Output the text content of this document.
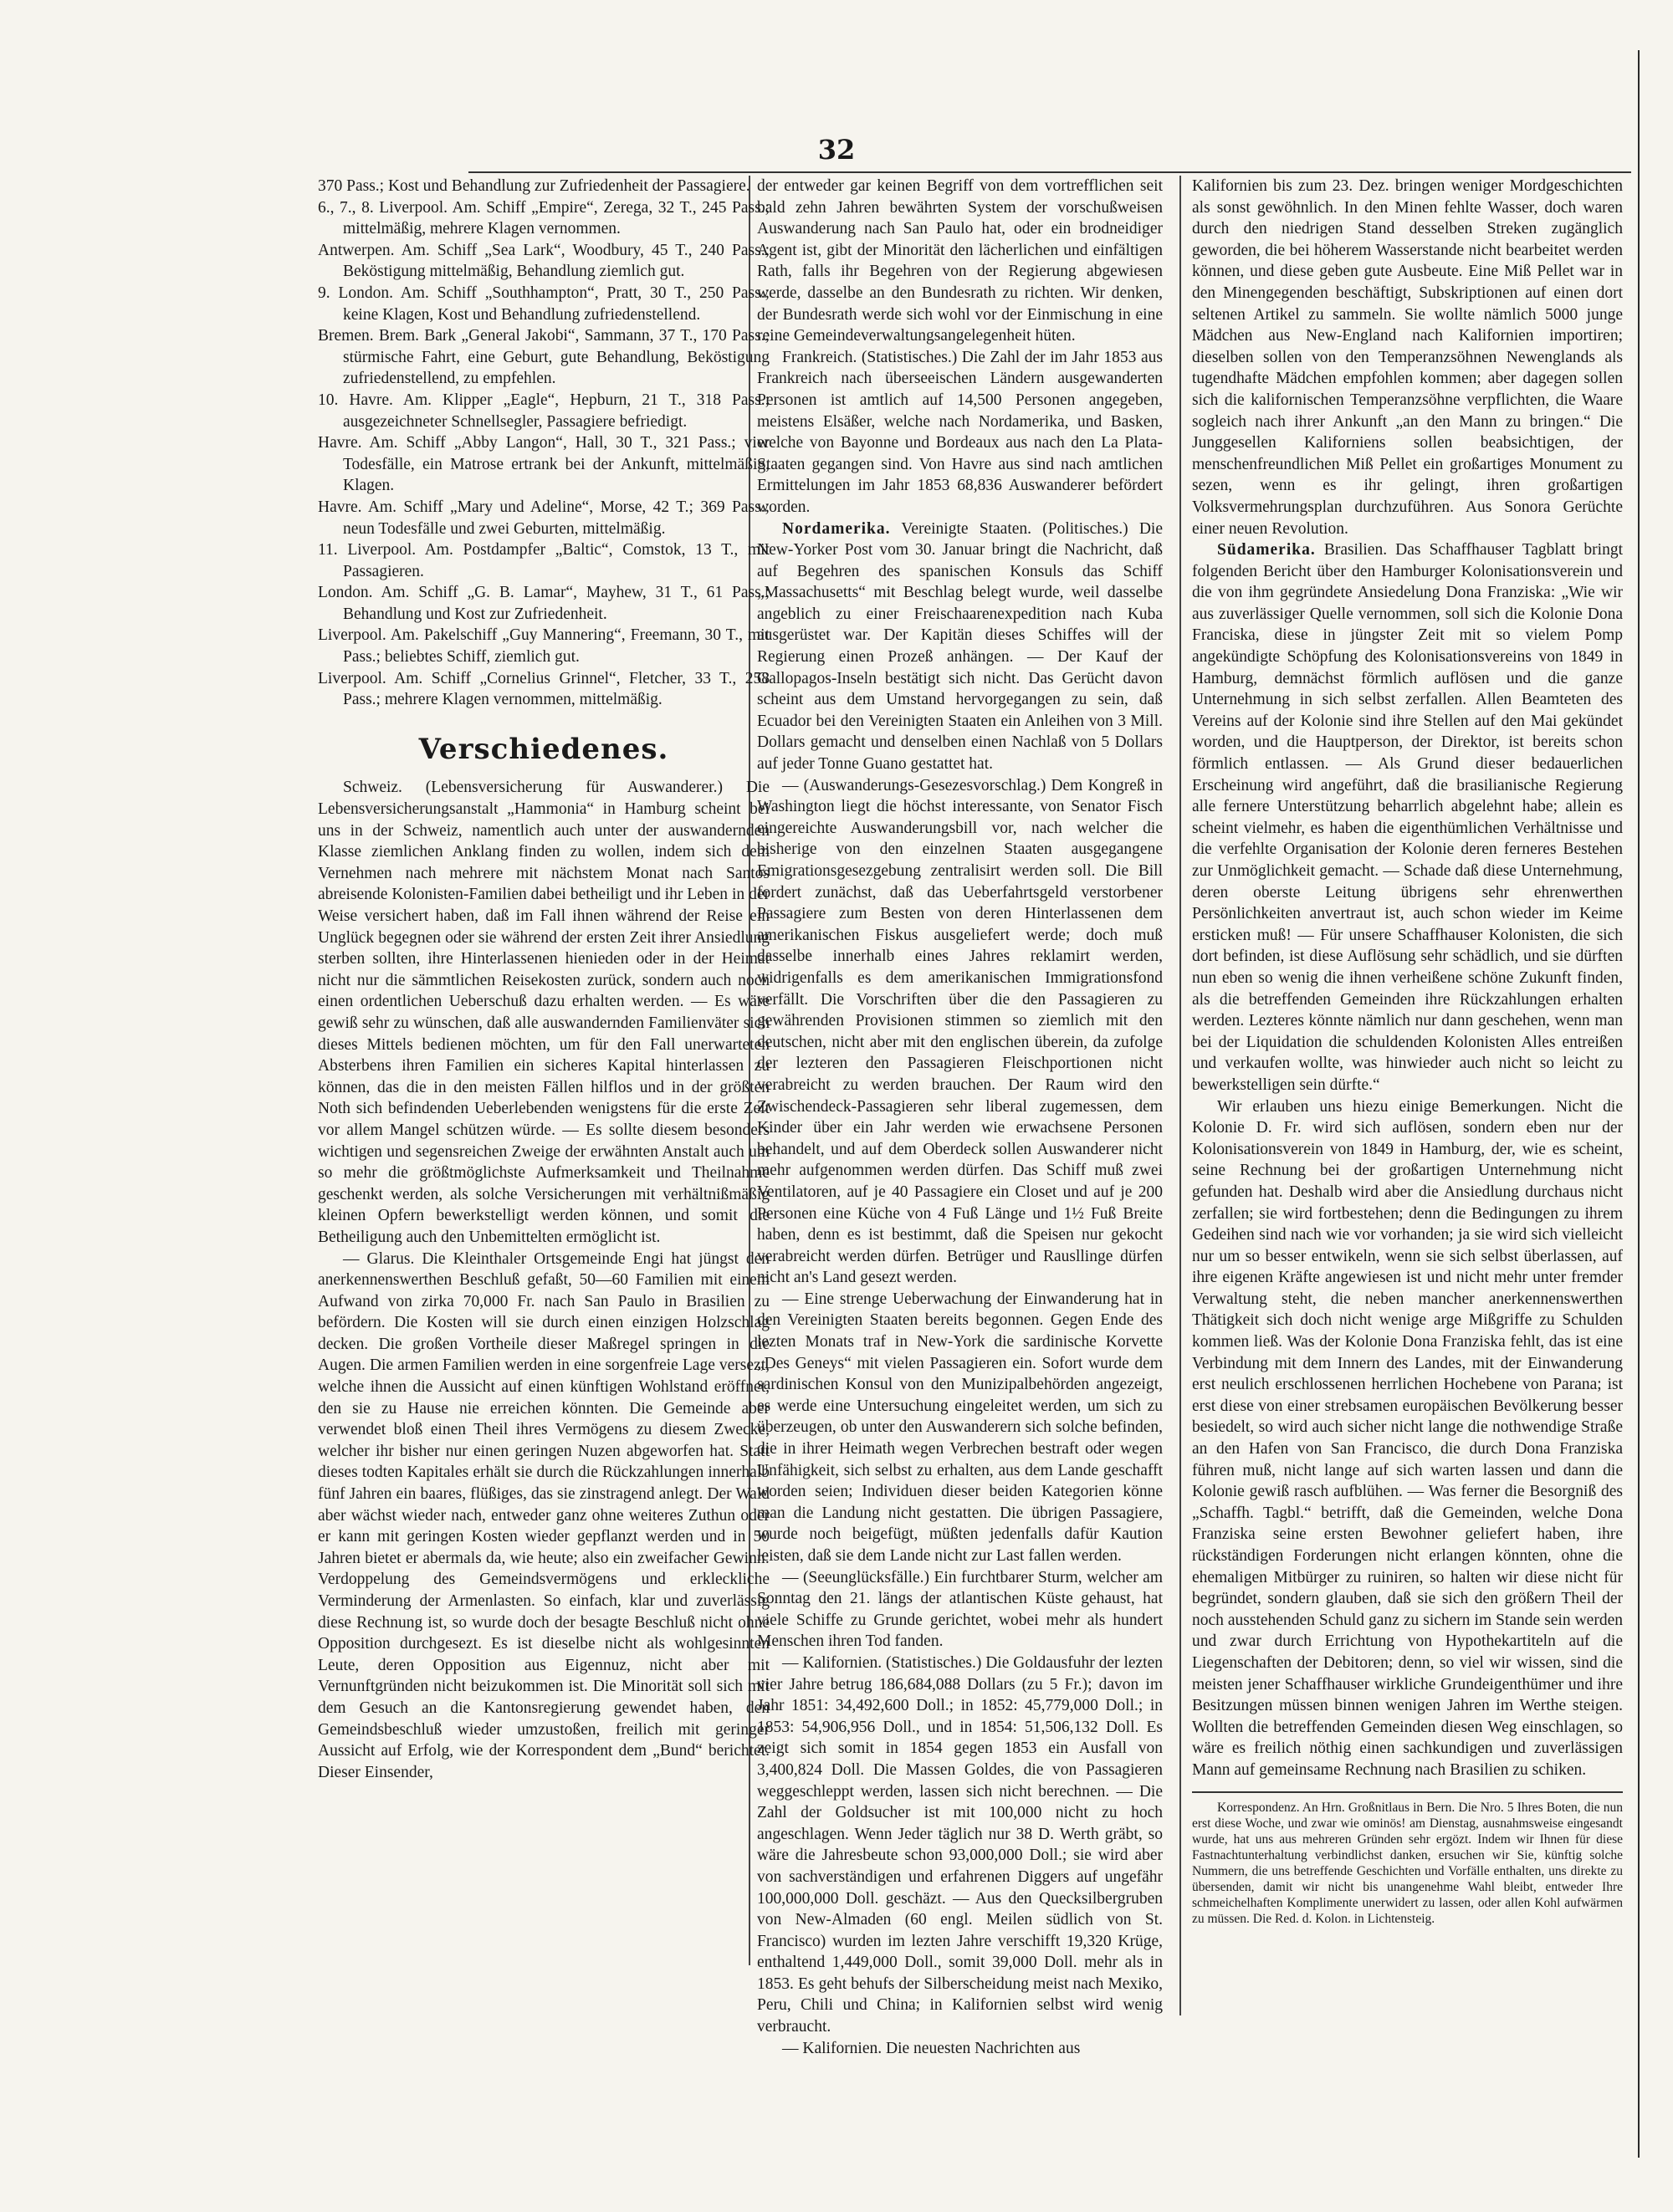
32

370 Pass.; Kost und Behandlung zur Zufriedenheit der Passagiere.

6., 7., 8. Liverpool. Am. Schiff „Empire“, Zerega, 32 T., 245 Pass.; mittelmäßig, mehrere Klagen vernommen.

Antwerpen. Am. Schiff „Sea Lark“, Woodbury, 45 T., 240 Pass.; Beköstigung mittelmäßig, Behandlung ziemlich gut.

9. London. Am. Schiff „Southhampton“, Pratt, 30 T., 250 Pass.; keine Klagen, Kost und Behandlung zufriedenstellend.

Bremen. Brem. Bark „General Jakobi“, Sammann, 37 T., 170 Pass.; stürmische Fahrt, eine Geburt, gute Behandlung, Beköstigung zufriedenstellend, zu empfehlen.

10. Havre. Am. Klipper „Eagle“, Hepburn, 21 T., 318 Pass.; ausgezeichneter Schnellsegler, Passagiere befriedigt.

Havre. Am. Schiff „Abby Langon“, Hall, 30 T., 321 Pass.; vier Todesfälle, ein Matrose ertrank bei der Ankunft, mittelmäßig, Klagen.

Havre. Am. Schiff „Mary und Adeline“, Morse, 42 T.; 369 Pass.; neun Todesfälle und zwei Geburten, mittelmäßig.

11. Liverpool. Am. Postdampfer „Baltic“, Comstok, 13 T., mit Passagieren.

London. Am. Schiff „G. B. Lamar“, Mayhew, 31 T., 61 Pass.; Behandlung und Kost zur Zufriedenheit.

Liverpool. Am. Pakelschiff „Guy Mannering“, Freemann, 30 T., mit Pass.; beliebtes Schiff, ziemlich gut.

Liverpool. Am. Schiff „Cornelius Grinnel“, Fletcher, 33 T., 258 Pass.; mehrere Klagen vernommen, mittelmäßig.

Verschiedenes.

Schweiz. (Lebensversicherung für Auswanderer.) Die Lebensversicherungsanstalt „Hammonia“ in Hamburg scheint bei uns in der Schweiz, namentlich auch unter der auswandernden Klasse ziemlichen Anklang finden zu wollen, indem sich dem Vernehmen nach mehrere mit nächstem Monat nach Santos abreisende Kolonisten-Familien dabei betheiligt und ihr Leben in der Weise versichert haben, daß im Fall ihnen während der Reise ein Unglück begegnen oder sie während der ersten Zeit ihrer Ansiedlung sterben sollten, ihre Hinterlassenen hienieden oder in der Heimat nicht nur die sämmtlichen Reisekosten zurück, sondern auch noch einen ordentlichen Ueberschuß dazu erhalten werden. — Es wäre gewiß sehr zu wünschen, daß alle auswandernden Familienväter sich dieses Mittels bedienen möchten, um für den Fall unerwarteten Absterbens ihren Familien ein sicheres Kapital hinterlassen zu können, das die in den meisten Fällen hilflos und in der größten Noth sich befindenden Ueberlebenden wenigstens für die erste Zeit vor allem Mangel schützen würde. — Es sollte diesem besonders wichtigen und segensreichen Zweige der erwähnten Anstalt auch um so mehr die größtmöglichste Aufmerksamkeit und Theilnahme geschenkt werden, als solche Versicherungen mit verhältnißmäßig kleinen Opfern bewerkstelligt werden können, und somit die Betheiligung auch den Unbemittelten ermöglicht ist.

— Glarus. Die Kleinthaler Ortsgemeinde Engi hat jüngst den anerkennenswerthen Beschluß gefaßt, 50—60 Familien mit einem Aufwand von zirka 70,000 Fr. nach San Paulo in Brasilien zu befördern. Die Kosten will sie durch einen einzigen Holzschlag decken. Die großen Vortheile dieser Maßregel springen in die Augen. Die armen Familien werden in eine sorgenfreie Lage versezt, welche ihnen die Aussicht auf einen künftigen Wohlstand eröffnet, den sie zu Hause nie erreichen könnten. Die Gemeinde aber verwendet bloß einen Theil ihres Vermögens zu diesem Zwecke, welcher ihr bisher nur einen geringen Nuzen abgeworfen hat. Statt dieses todten Kapitales erhält sie durch die Rückzahlungen innerhalb fünf Jahren ein baares, flüßiges, das sie zinstragend anlegt. Der Wald aber wächst wieder nach, entweder ganz ohne weiteres Zuthun oder er kann mit geringen Kosten wieder gepflanzt werden und in 50 Jahren bietet er abermals da, wie heute; also ein zweifacher Gewinn: Verdoppelung des Gemeindsvermögens und erkleckliche Verminderung der Armenlasten. So einfach, klar und zuverlässig diese Rechnung ist, so wurde doch der besagte Beschluß nicht ohne Opposition durchgesezt. Es ist dieselbe nicht als wohlgesinnten Leute, deren Opposition aus Eigennuz, nicht aber mit Vernunftgründen nicht beizukommen ist. Die Minorität soll sich mit dem Gesuch an die Kantonsregierung gewendet haben, den Gemeindsbeschluß wieder umzustoßen, freilich mit geringer Aussicht auf Erfolg, wie der Korrespondent dem „Bund“ berichtet. Dieser Einsender,

der entweder gar keinen Begriff von dem vortrefflichen seit bald zehn Jahren bewährten System der vorschußweisen Auswanderung nach San Paulo hat, oder ein brodneidiger Agent ist, gibt der Minorität den lächerlichen und einfältigen Rath, falls ihr Begehren von der Regierung abgewiesen werde, dasselbe an den Bundesrath zu richten. Wir denken, der Bundesrath werde sich wohl vor der Einmischung in eine reine Gemeindeverwaltungsangelegenheit hüten.

Frankreich. (Statistisches.) Die Zahl der im Jahr 1853 aus Frankreich nach überseeischen Ländern ausgewanderten Personen ist amtlich auf 14,500 Personen angegeben, meistens Elsäßer, welche nach Nordamerika, und Basken, welche von Bayonne und Bordeaux aus nach den La Plata-Staaten gegangen sind. Von Havre aus sind nach amtlichen Ermittelungen im Jahr 1853 68,836 Auswanderer befördert worden.

Nordamerika. Vereinigte Staaten. (Politisches.) Die New-Yorker Post vom 30. Januar bringt die Nachricht, daß auf Begehren des spanischen Konsuls das Schiff „Massachusetts“ mit Beschlag belegt wurde, weil dasselbe angeblich zu einer Freischaarenexpedition nach Kuba ausgerüstet war. Der Kapitän dieses Schiffes will der Regierung einen Prozeß anhängen. — Der Kauf der Gallopagos-Inseln bestätigt sich nicht. Das Gerücht davon scheint aus dem Umstand hervorgegangen zu sein, daß Ecuador bei den Vereinigten Staaten ein Anleihen von 3 Mill. Dollars gemacht und denselben einen Nachlaß von 5 Dollars auf jeder Tonne Guano gestattet hat.

— (Auswanderungs-Gesezesvorschlag.) Dem Kongreß in Washington liegt die höchst interessante, von Senator Fisch eingereichte Auswanderungsbill vor, nach welcher die bisherige von den einzelnen Staaten ausgegangene Emigrationsgesezgebung zentralisirt werden soll. Die Bill fordert zunächst, daß das Ueberfahrtsgeld verstorbener Passagiere zum Besten von deren Hinterlassenen dem amerikanischen Fiskus ausgeliefert werde; doch muß dasselbe innerhalb eines Jahres reklamirt werden, widrigenfalls es dem amerikanischen Immigrationsfond verfällt. Die Vorschriften über die den Passagieren zu gewährenden Provisionen stimmen so ziemlich mit den deutschen, nicht aber mit den englischen überein, da zufolge der lezteren den Passagieren Fleischportionen nicht verabreicht zu werden brauchen. Der Raum wird den Zwischendeck-Passagieren sehr liberal zugemessen, dem Kinder über ein Jahr werden wie erwachsene Personen behandelt, und auf dem Oberdeck sollen Auswanderer nicht mehr aufgenommen werden dürfen. Das Schiff muß zwei Ventilatoren, auf je 40 Passagiere ein Closet und auf je 200 Personen eine Küche von 4 Fuß Länge und 1½ Fuß Breite haben, denn es ist bestimmt, daß die Speisen nur gekocht verabreicht werden dürfen. Betrüger und Rausllinge dürfen nicht an's Land gesezt werden.

— Eine strenge Ueberwachung der Einwanderung hat in den Vereinigten Staaten bereits begonnen. Gegen Ende des lezten Monats traf in New-York die sardinische Korvette „Des Geneys“ mit vielen Passagieren ein. Sofort wurde dem sardinischen Konsul von den Munizipalbehörden angezeigt, es werde eine Untersuchung eingeleitet werden, um sich zu überzeugen, ob unter den Auswanderern sich solche befinden, die in ihrer Heimath wegen Verbrechen bestraft oder wegen Unfähigkeit, sich selbst zu erhalten, aus dem Lande geschafft worden seien; Individuen dieser beiden Kategorien könne man die Landung nicht gestatten. Die übrigen Passagiere, wurde noch beigefügt, müßten jedenfalls dafür Kaution leisten, daß sie dem Lande nicht zur Last fallen werden.

— (Seeunglücksfälle.) Ein furchtbarer Sturm, welcher am Sonntag den 21. längs der atlantischen Küste gehaust, hat viele Schiffe zu Grunde gerichtet, wobei mehr als hundert Menschen ihren Tod fanden.

— Kalifornien. (Statistisches.) Die Goldausfuhr der lezten vier Jahre betrug 186,684,088 Dollars (zu 5 Fr.); davon im Jahr 1851: 34,492,600 Doll.; in 1852: 45,779,000 Doll.; in 1853: 54,906,956 Doll., und in 1854: 51,506,132 Doll. Es zeigt sich somit in 1854 gegen 1853 ein Ausfall von 3,400,824 Doll. Die Massen Goldes, die von Passagieren weggeschleppt werden, lassen sich nicht berechnen. — Die Zahl der Goldsucher ist mit 100,000 nicht zu hoch angeschlagen. Wenn Jeder täglich nur 38 D. Werth gräbt, so wäre die Jahresbeute schon 93,000,000 Doll.; sie wird aber von sachverständigen und erfahrenen Diggers auf ungefähr 100,000,000 Doll. geschäzt. — Aus den Quecksilbergruben von New-Almaden (60 engl. Meilen südlich von St. Francisco) wurden im lezten Jahre verschifft 19,320 Krüge, enthaltend 1,449,000 Doll., somit 39,000 Doll. mehr als in 1853. Es geht behufs der Silberscheidung meist nach Mexiko, Peru, Chili und China; in Kalifornien selbst wird wenig verbraucht.

— Kalifornien. Die neuesten Nachrichten aus

Kalifornien bis zum 23. Dez. bringen weniger Mordgeschichten als sonst gewöhnlich. In den Minen fehlte Wasser, doch waren durch den niedrigen Stand desselben Streken zugänglich geworden, die bei höherem Wasserstande nicht bearbeitet werden können, und diese geben gute Ausbeute. Eine Miß Pellet war in den Minengegenden beschäftigt, Subskriptionen auf einen dort seltenen Artikel zu sammeln. Sie wollte nämlich 5000 junge Mädchen aus New-England nach Kalifornien importiren; dieselben sollen von den Temperanzsöhnen Newenglands als tugendhafte Mädchen empfohlen kommen; aber dagegen sollen sich die kalifornischen Temperanzsöhne verpflichten, die Waare sogleich nach ihrer Ankunft „an den Mann zu bringen.“ Die Junggesellen Kaliforniens sollen beabsichtigen, der menschenfreundlichen Miß Pellet ein großartiges Monument zu sezen, wenn es ihr gelingt, ihren großartigen Volksvermehrungsplan durchzuführen. Aus Sonora Gerüchte einer neuen Revolution.

Südamerika. Brasilien. Das Schaffhauser Tagblatt bringt folgenden Bericht über den Hamburger Kolonisationsverein und die von ihm gegründete Ansiedelung Dona Franziska: „Wie wir aus zuverlässiger Quelle vernommen, soll sich die Kolonie Dona Franciska, diese in jüngster Zeit mit so vielem Pomp angekündigte Schöpfung des Kolonisationsvereins von 1849 in Hamburg, demnächst förmlich auflösen und die ganze Unternehmung in sich selbst zerfallen. Allen Beamteten des Vereins auf der Kolonie sind ihre Stellen auf den Mai gekündet worden, und die Hauptperson, der Direktor, ist bereits schon förmlich entlassen. — Als Grund dieser bedauerlichen Erscheinung wird angeführt, daß die brasilianische Regierung alle fernere Unterstützung beharrlich abgelehnt habe; allein es scheint vielmehr, es haben die eigenthümlichen Verhältnisse und die verfehlte Organisation der Kolonie deren ferneres Bestehen zur Unmöglichkeit gemacht. — Schade daß diese Unternehmung, deren oberste Leitung übrigens sehr ehrenwerthen Persönlichkeiten anvertraut ist, auch schon wieder im Keime ersticken muß! — Für unsere Schaffhauser Kolonisten, die sich dort befinden, ist diese Auflösung sehr schädlich, und sie dürften nun eben so wenig die ihnen verheißene schöne Zukunft finden, als die betreffenden Gemeinden ihre Rückzahlungen erhalten werden. Lezteres könnte nämlich nur dann geschehen, wenn man bei der Liquidation die schuldenden Kolonisten Alles entreißen und verkaufen wollte, was hinwieder auch nicht so leicht zu bewerkstelligen sein dürfte.“

Wir erlauben uns hiezu einige Bemerkungen. Nicht die Kolonie D. Fr. wird sich auflösen, sondern eben nur der Kolonisationsverein von 1849 in Hamburg, der, wie es scheint, seine Rechnung bei der großartigen Unternehmung nicht gefunden hat. Deshalb wird aber die Ansiedlung durchaus nicht zerfallen; sie wird fortbestehen; denn die Bedingungen zu ihrem Gedeihen sind nach wie vor vorhanden; ja sie wird sich vielleicht nur um so besser entwikeln, wenn sie sich selbst überlassen, auf ihre eigenen Kräfte angewiesen ist und nicht mehr unter fremder Verwaltung steht, die neben mancher anerkennenswerthen Thätigkeit sich doch nicht wenige arge Mißgriffe zu Schulden kommen ließ. Was der Kolonie Dona Franziska fehlt, das ist eine Verbindung mit dem Innern des Landes, mit der Einwanderung erst neulich erschlossenen herrlichen Hochebene von Parana; ist erst diese von einer strebsamen europäischen Bevölkerung besser besiedelt, so wird auch sicher nicht lange die nothwendige Straße an den Hafen von San Francisco, die durch Dona Franziska führen muß, nicht lange auf sich warten lassen und dann die Kolonie gewiß rasch aufblühen. — Was ferner die Besorgniß des „Schaffh. Tagbl.“ betrifft, daß die Gemeinden, welche Dona Franziska seine ersten Bewohner geliefert haben, ihre rückständigen Forderungen nicht erlangen könnten, ohne die ehemaligen Mitbürger zu ruiniren, so halten wir diese nicht für begründet, sondern glauben, daß sie sich den größern Theil der noch ausstehenden Schuld ganz zu sichern im Stande sein werden und zwar durch Errichtung von Hypothekartiteln auf die Liegenschaften der Debitoren; denn, so viel wir wissen, sind die meisten jener Schaffhauser wirkliche Grundeigenthümer und ihre Besitzungen müssen binnen wenigen Jahren im Werthe steigen. Wollten die betreffenden Gemeinden diesen Weg einschlagen, so wäre es freilich nöthig einen sachkundigen und zuverlässigen Mann auf gemeinsame Rechnung nach Brasilien zu schiken.

Korrespondenz. An Hrn. Großnitlaus in Bern. Die Nro. 5 Ihres Boten, die nun erst diese Woche, und zwar wie ominös! am Dienstag, ausnahmsweise eingesandt wurde, hat uns aus mehreren Gründen sehr ergözt. Indem wir Ihnen für diese Fastnachtunterhaltung verbindlichst danken, ersuchen wir Sie, künftig solche Nummern, die uns betreffende Geschichten und Vorfälle enthalten, uns direkte zu übersenden, damit wir nicht bis unangenehme Wahl bleibt, entweder Ihre schmeichelhaften Komplimente unerwidert zu lassen, oder allen Kohl aufwärmen zu müssen. Die Red. d. Kolon. in Lichtensteig.
